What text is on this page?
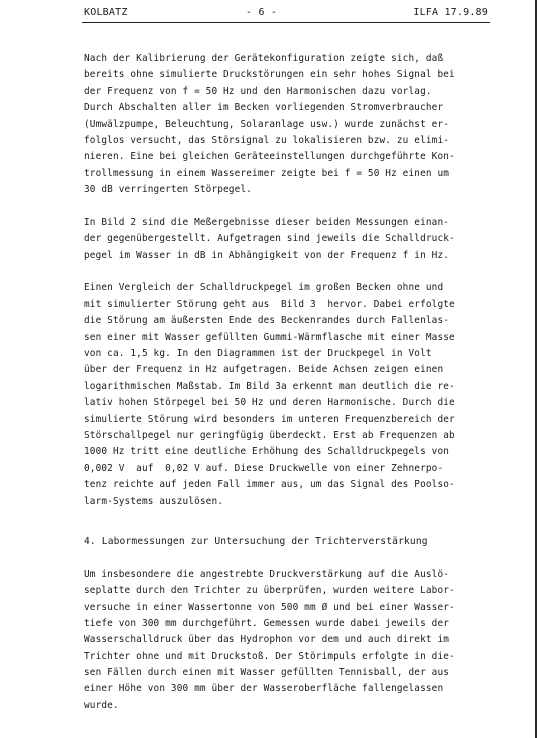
KOLBATZ	- 6 -	ILFA 17.9.89
Nach der Kalibrierung der Gerätekonfiguration zeigte sich, daß
bereits ohne simulierte Druckstörungen ein sehr hohes Signal bei
der Frequenz von f = 50 Hz und den Harmonischen dazu vorlag.
Durch Abschalten aller im Becken vorliegenden Stromverbraucher
(Umwälzpumpe, Beleuchtung, Solaranlage usw.) wurde zunächst er-
folglos versucht, das Störsignal zu lokalisieren bzw. zu elimi-
nieren. Eine bei gleichen Geräteeinstellungen durchgeführte Kon-
trollmessung in einem Wassereimer zeigte bei f = 50 Hz einen um
30 dB verringerten Störpegel.
In Bild 2 sind die Meßergebnisse dieser beiden Messungen einan-
der gegenübergestellt. Aufgetragen sind jeweils die Schalldruck-
pegel im Wasser in dB in Abhängigkeit von der Frequenz f in Hz.
Einen Vergleich der Schalldruckpegel im großen Becken ohne und
mit simulierter Störung geht aus  Bild 3  hervor. Dabei erfolgte
die Störung am äußersten Ende des Beckenrandes durch Fallenlas-
sen einer mit Wasser gefüllten Gummi-Wärmflasche mit einer Masse
von ca. 1,5 kg. In den Diagrammen ist der Druckpegel in Volt
über der Frequenz in Hz aufgetragen. Beide Achsen zeigen einen
logarithmischen Maßstab. Im Bild 3a erkennt man deutlich die re-
lativ hohen Störpegel bei 50 Hz und deren Harmonische. Durch die
simulierte Störung wird besonders im unteren Frequenzbereich der
Störschallpegel nur geringfügig überdeckt. Erst ab Frequenzen ab
1000 Hz tritt eine deutliche Erhöhung des Schalldruckpegels von
0,002 V  auf  0,02 V auf. Diese Druckwelle von einer Zehnerpo-
tenz reichte auf jeden Fall immer aus, um das Signal des Poolso-
larm-Systems auszulösen.
4. Labormessungen zur Untersuchung der Trichterverstärkung
Um insbesondere die angestrebte Druckverstärkung auf die Auslö-
seplatte durch den Trichter zu überprüfen, wurden weitere Labor-
versuche in einer Wassertonne von 500 mm Ø und bei einer Wasser-
tiefe von 300 mm durchgeführt. Gemessen wurde dabei jeweils der
Wasserschalldruck über das Hydrophon vor dem und auch direkt im
Trichter ohne und mit Druckstoß. Der Störimpuls erfolgte in die-
sen Fällen durch einen mit Wasser gefüllten Tennisball, der aus
einer Höhe von 300 mm über der Wasseroberfläche fallengelassen
wurde.
